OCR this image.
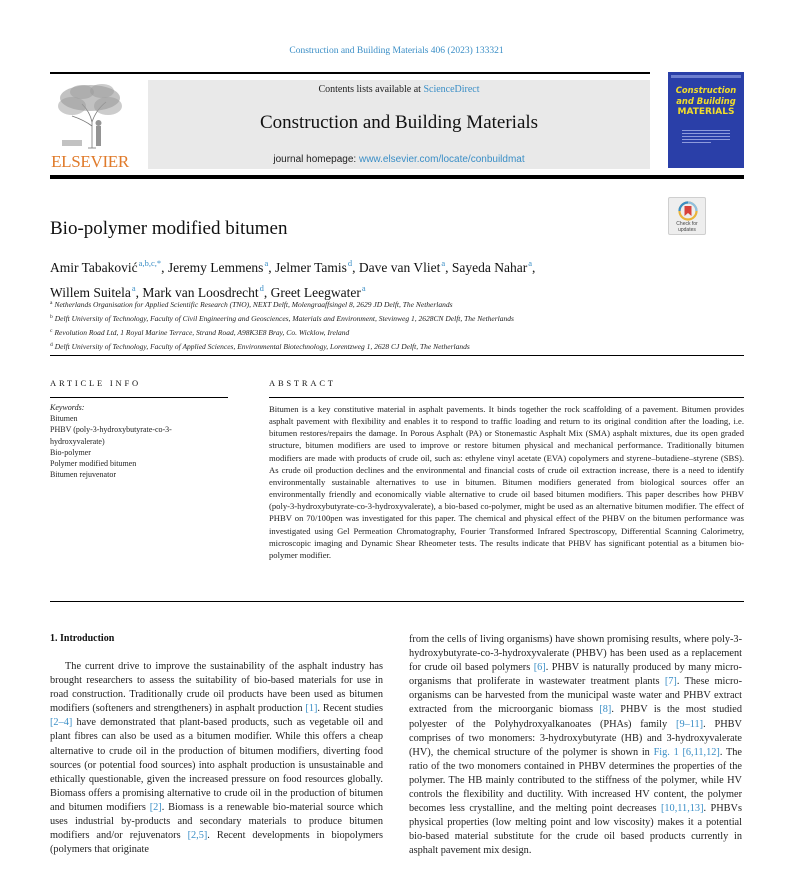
Construction and Building Materials 406 (2023) 133321
ELSEVIER
Contents lists available at ScienceDirect
Construction and Building Materials
journal homepage: www.elsevier.com/locate/conbuildmat
Construction
and Building
MATERIALS
Check for
updates
Bio-polymer modified bitumen
Amir Tabaković$^{a,b,c,*}$, Jeremy Lemmens$^a$, Jelmer Tamis$^d$, Dave van Vliet$^a$, Sayeda Nahar$^a$,
Willem Suitela$^a$, Mark van Loosdrecht$^d$, Greet Leegwater$^a$
$^a$ Netherlands Organisation for Applied Scientific Research (TNO), NEXT Delft, Molengraaffsingel 8, 2629 JD Delft, The Netherlands
$^b$ Delft University of Technology, Faculty of Civil Engineering and Geosciences, Materials and Environment, Stevinweg 1, 2628CN Delft, The Netherlands
$^c$ Revolution Road Ltd, 1 Royal Marine Terrace, Strand Road, A98K3E8 Bray, Co. Wicklow, Ireland
$^d$ Delft University of Technology, Faculty of Applied Sciences, Environmental Biotechnology, Lorentzweg 1, 2628 CJ Delft, The Netherlands
ARTICLE INFO	ABSTRACT
Keywords:
Bitumen
PHBV (poly-3-hydroxybutyrate-co-3-hydroxyvalerate)
Bio-polymer
Polymer modified bitumen
Bitumen rejuvenator
Bitumen is a key constitutive material in asphalt pavements. It binds together the rock scaffolding of a pavement. Bitumen provides asphalt pavement with flexibility and enables it to respond to traffic loading and return to its original condition after the loading, i.e. bitumen restores/repairs the damage. In Porous Asphalt (PA) or Stonemastic Asphalt Mix (SMA) asphalt mixtures, due its open graded structure, bitumen modifiers are used to improve or restore bitumen physical and mechanical performance. Traditionally bitumen modifiers are made with products of crude oil, such as: ethylene vinyl acetate (EVA) copolymers and styrene–butadiene–styrene (SBS). As crude oil production declines and the environmental and financial costs of crude oil extraction increase, there is a need to identify environmentally sustainable alternatives to use in bitumen. Bitumen modifiers generated from biological sources offer an environmentally friendly and economically viable alternative to crude oil based bitumen modifiers. This paper describes how PHBV (poly-3-hydroxybutyrate-co-3-hydroxyvalerate), a bio-based co-polymer, might be used as an alternative bitumen modifier. The effect of PHBV on 70/100pen was investigated for this paper. The chemical and physical effect of the PHBV on the bitumen performance was investigated using Gel Permeation Chromatography, Fourier Transformed Infrared Spectroscopy, Differential Scanning Calorimetry, microscopic imaging and Dynamic Shear Rheometer tests. The results indicate that PHBV has significant potential as a bitumen bio-polymer modifier.
1. Introduction
The current drive to improve the sustainability of the asphalt industry has brought researchers to assess the suitability of bio-based materials for use in road construction. Traditionally crude oil products have been used as bitumen modifiers (softeners and strengtheners) in asphalt production [1]. Recent studies [2–4] have demonstrated that plant-based products, such as vegetable oil and plant fibres can also be used as a bitumen modifier. While this offers a cheap alternative to crude oil in the production of bitumen modifiers, diverting food sources (or potential food sources) into asphalt production is unsustainable and ethically questionable, given the increased pressure on food resources globally. Biomass offers a promising alternative to crude oil in the production of bitumen and bitumen modifiers [2]. Biomass is a renewable bio-material source which uses industrial by-products and secondary materials to produce bitumen modifiers and/or rejuvenators [2,5]. Recent developments in biopolymers (polymers that originate
from the cells of living organisms) have shown promising results, where poly-3-hydroxybutyrate-co-3-hydroxyvalerate (PHBV) has been used as a replacement for crude oil based polymers [6]. PHBV is naturally produced by many micro-organisms that proliferate in wastewater treatment plants [7]. These micro-organisms can be harvested from the municipal waste water and PHBV extract extracted from the microorganic biomass [8]. PHBV is the most studied polyester of the Polyhydroxyalkanoates (PHAs) family [9–11]. PHBV comprises of two monomers: 3-hydroxybutyrate (HB) and 3-hydroxyvalerate (HV), the chemical structure of the polymer is shown in Fig. 1 [6,11,12]. The ratio of the two monomers contained in PHBV determines the properties of the polymer. The HB mainly contributed to the stiffness of the polymer, while HV controls the flexibility and ductility. With increased HV content, the polymer becomes less crystalline, and the melting point decreases [10,11,13]. PHBVs physical properties (low melting point and low viscosity) makes it a potential bio-based material substitute for the crude oil based products currently in asphalt pavement mix design.
